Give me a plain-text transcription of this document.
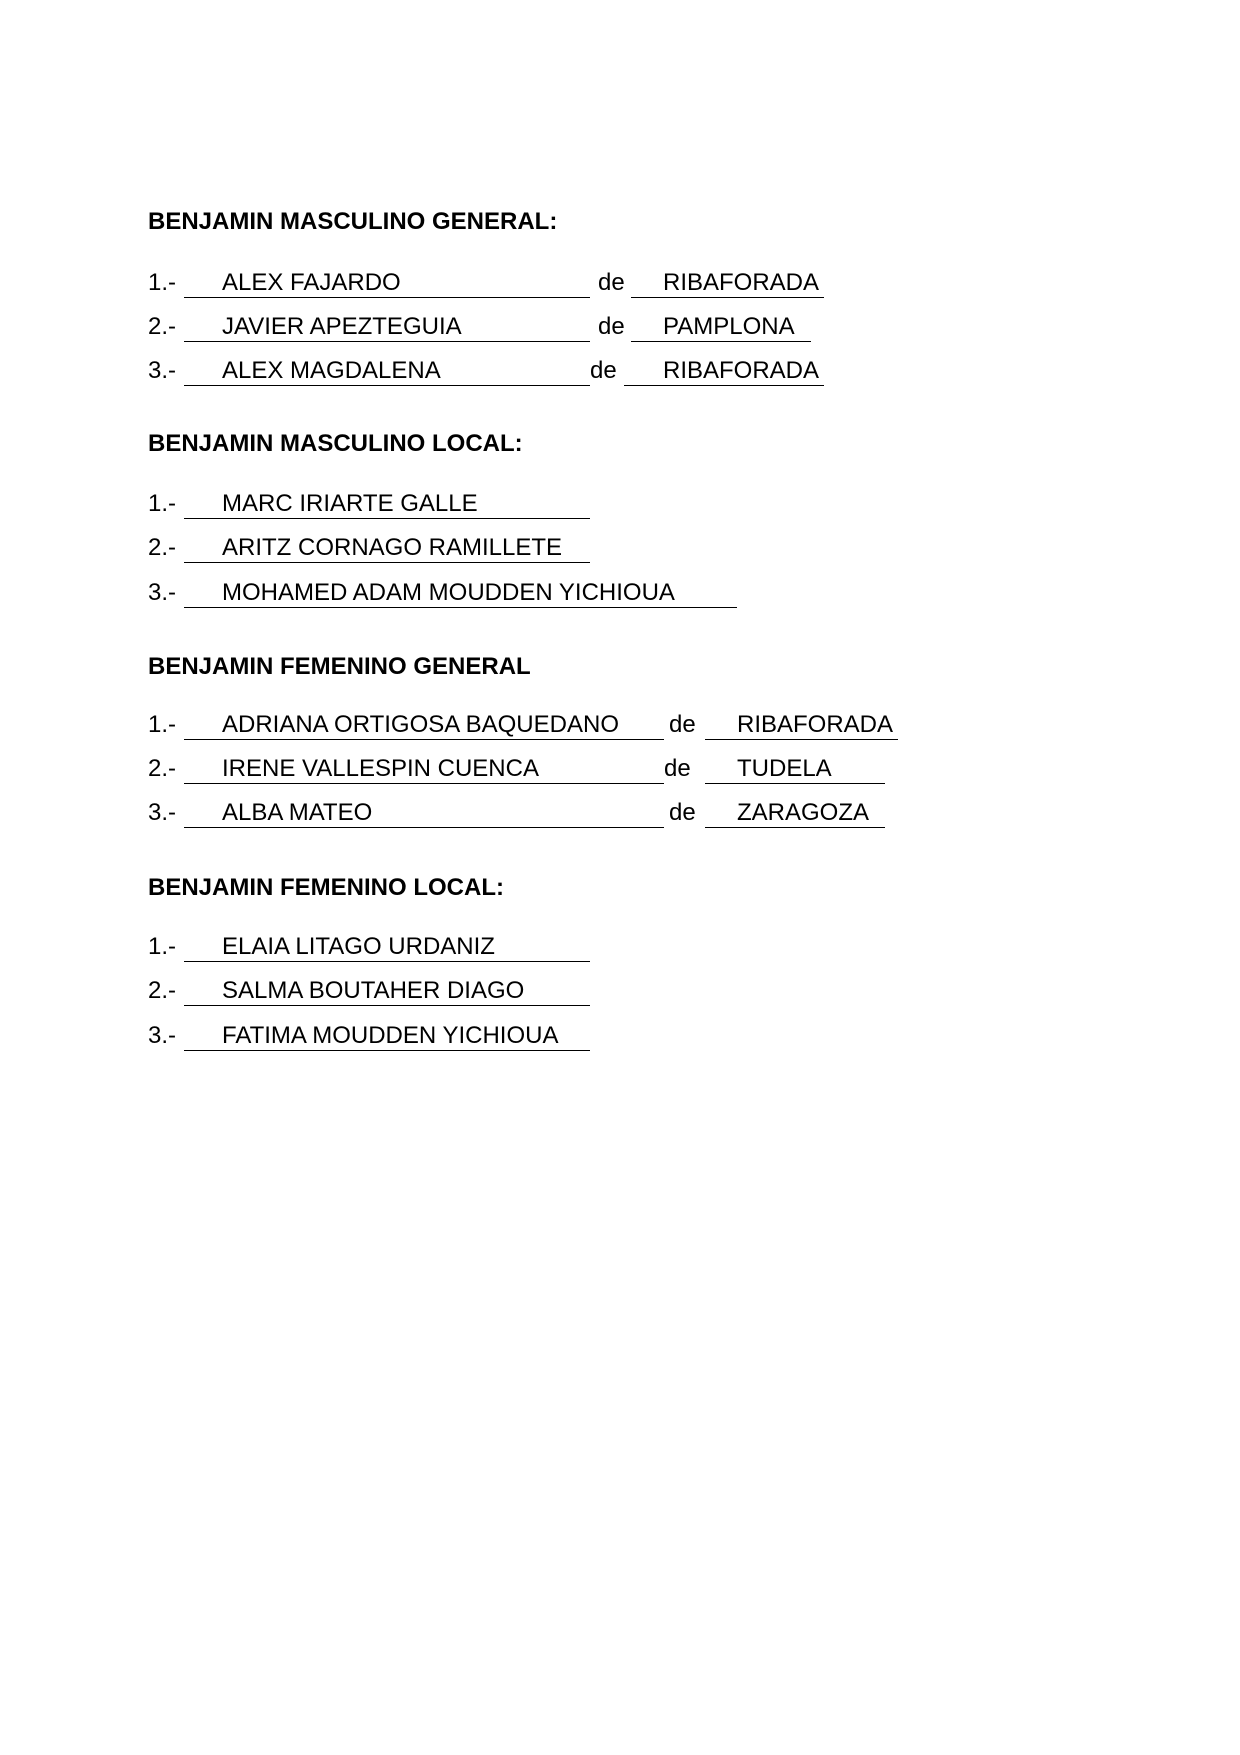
BENJAMIN MASCULINO GENERAL:
1.- ALEX FAJARDO	de RIBAFORADA
2.- JAVIER APEZTEGUIA	de PAMPLONA
3.- ALEX MAGDALENA	de RIBAFORADA
BENJAMIN MASCULINO LOCAL:
1.- MARC IRIARTE GALLE
2.- ARITZ CORNAGO RAMILLETE
3.- MOHAMED ADAM MOUDDEN YICHIOUA
BENJAMIN FEMENINO GENERAL
1.- ADRIANA ORTIGOSA BAQUEDANO de RIBAFORADA
2.- IRENE VALLESPIN CUENCA	de TUDELA
3.- ALBA MATEO	de ZARAGOZA
BENJAMIN FEMENINO LOCAL:
1.- ELAIA LITAGO URDANIZ
2.- SALMA BOUTAHER DIAGO
3.- FATIMA MOUDDEN YICHIOUA
